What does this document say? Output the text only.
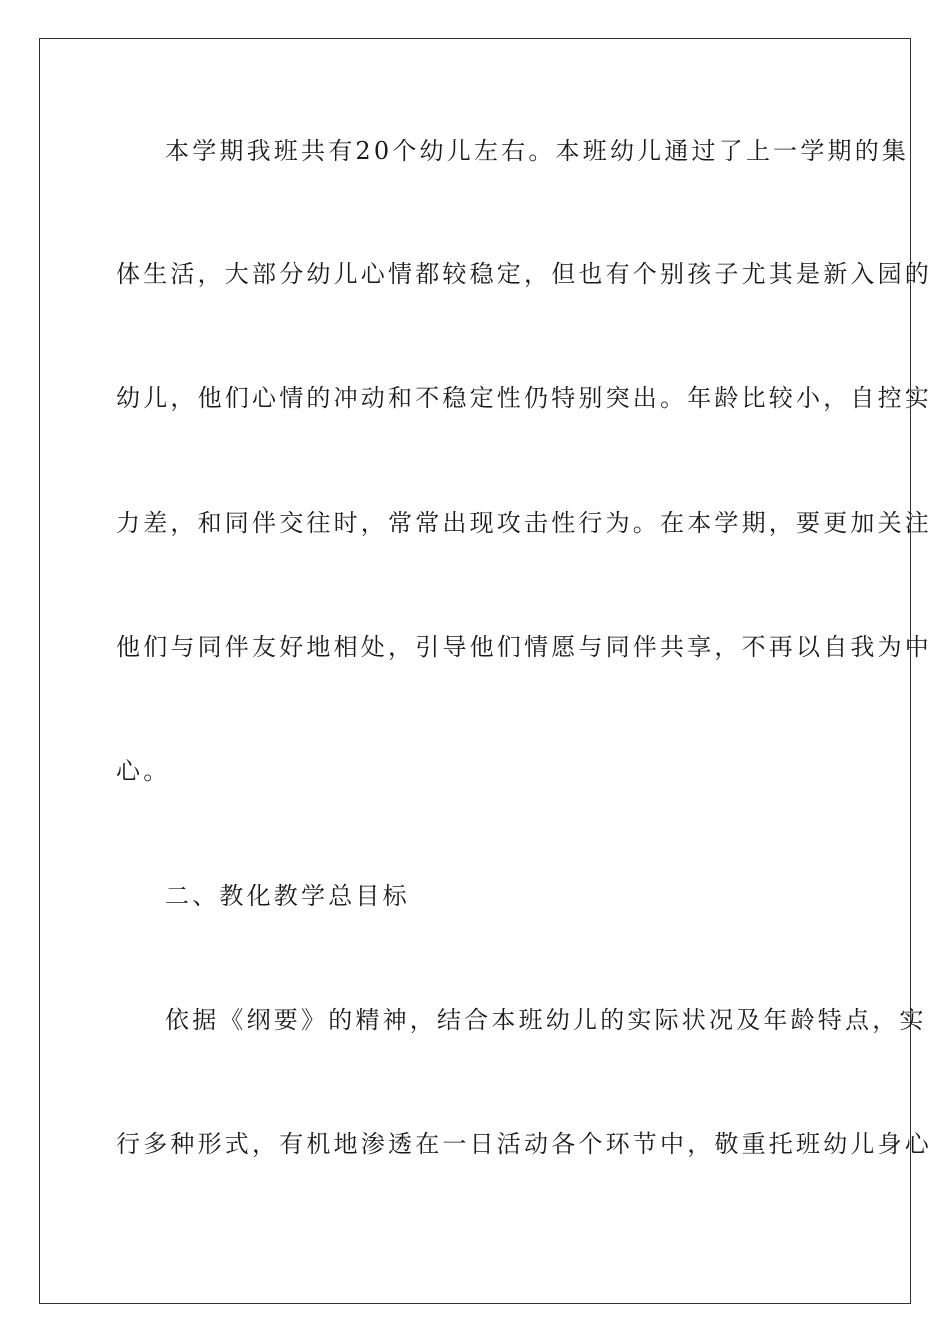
本学期我班共有20个幼儿左右。本班幼儿通过了上一学期的集
体生活，大部分幼儿心情都较稳定，但也有个别孩子尤其是新入园的
幼儿，他们心情的冲动和不稳定性仍特别突出。年龄比较小，自控实
力差，和同伴交往时，常常出现攻击性行为。在本学期，要更加关注
他们与同伴友好地相处，引导他们情愿与同伴共享，不再以自我为中
心。
二、教化教学总目标
依据《纲要》的精神，结合本班幼儿的实际状况及年龄特点，实
行多种形式，有机地渗透在一日活动各个环节中，敬重托班幼儿身心
